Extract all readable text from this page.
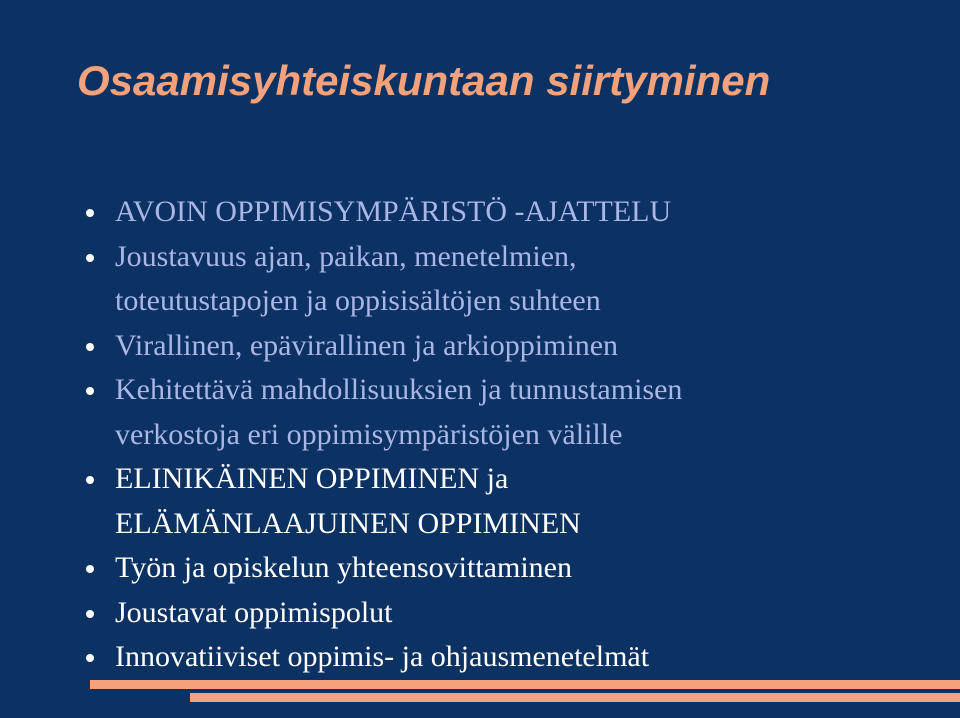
Osaamisyhteiskuntaan siirtyminen
AVOIN OPPIMISYMPÄRISTÖ -AJATTELU
Joustavuus ajan, paikan, menetelmien,
toteutustapojen ja oppisisältöjen suhteen
Virallinen, epävirallinen ja arkioppiminen
Kehitettävä mahdollisuuksien ja tunnustamisen
verkostoja eri oppimisympäristöjen välille
ELINIKÄINEN OPPIMINEN ja
ELÄMÄNLAAJUINEN OPPIMINEN
Työn ja opiskelun yhteensovittaminen
Joustavat oppimispolut
Innovatiiviset oppimis- ja ohjausmenetelmät
